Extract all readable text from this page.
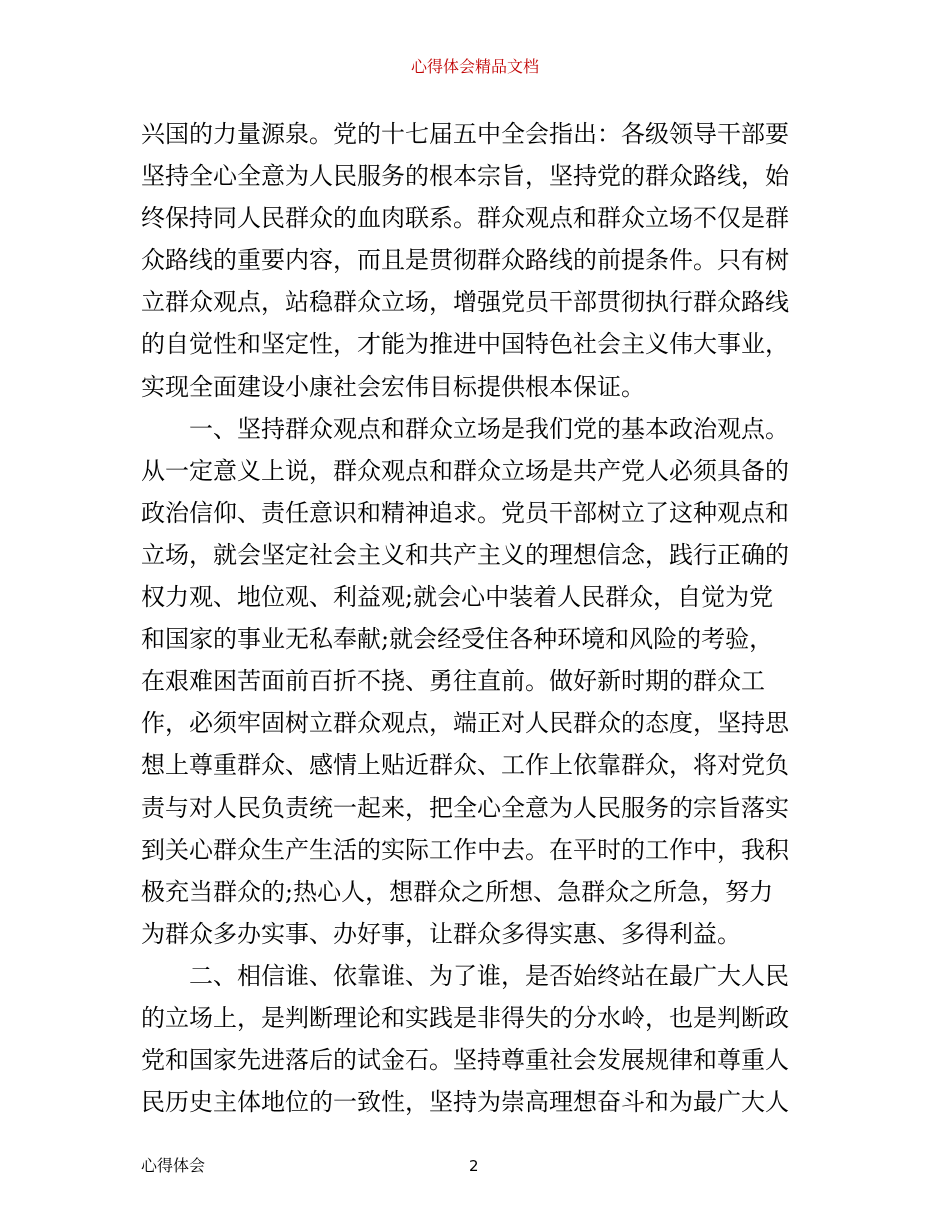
心得体会精品文档
兴国的力量源泉。党的十七届五中全会指出：各级领导干部要
坚持全心全意为人民服务的根本宗旨，坚持党的群众路线，始
终保持同人民群众的血肉联系。群众观点和群众立场不仅是群
众路线的重要内容，而且是贯彻群众路线的前提条件。只有树
立群众观点，站稳群众立场，增强党员干部贯彻执行群众路线
的自觉性和坚定性，才能为推进中国特色社会主义伟大事业，
实现全面建设小康社会宏伟目标提供根本保证。
一、坚持群众观点和群众立场是我们党的基本政治观点。
从一定意义上说，群众观点和群众立场是共产党人必须具备的
政治信仰、责任意识和精神追求。党员干部树立了这种观点和
立场，就会坚定社会主义和共产主义的理想信念，践行正确的
权力观、地位观、利益观;就会心中装着人民群众，自觉为党
和国家的事业无私奉献;就会经受住各种环境和风险的考验，
在艰难困苦面前百折不挠、勇往直前。做好新时期的群众工
作，必须牢固树立群众观点，端正对人民群众的态度，坚持思
想上尊重群众、感情上贴近群众、工作上依靠群众，将对党负
责与对人民负责统一起来，把全心全意为人民服务的宗旨落实
到关心群众生产生活的实际工作中去。在平时的工作中，我积
极充当群众的;热心人，想群众之所想、急群众之所急，努力
为群众多办实事、办好事，让群众多得实惠、多得利益。
二、相信谁、依靠谁、为了谁，是否始终站在最广大人民
的立场上，是判断理论和实践是非得失的分水岭，也是判断政
党和国家先进落后的试金石。坚持尊重社会发展规律和尊重人
民历史主体地位的一致性，坚持为崇高理想奋斗和为最广大人
心得体会	2
